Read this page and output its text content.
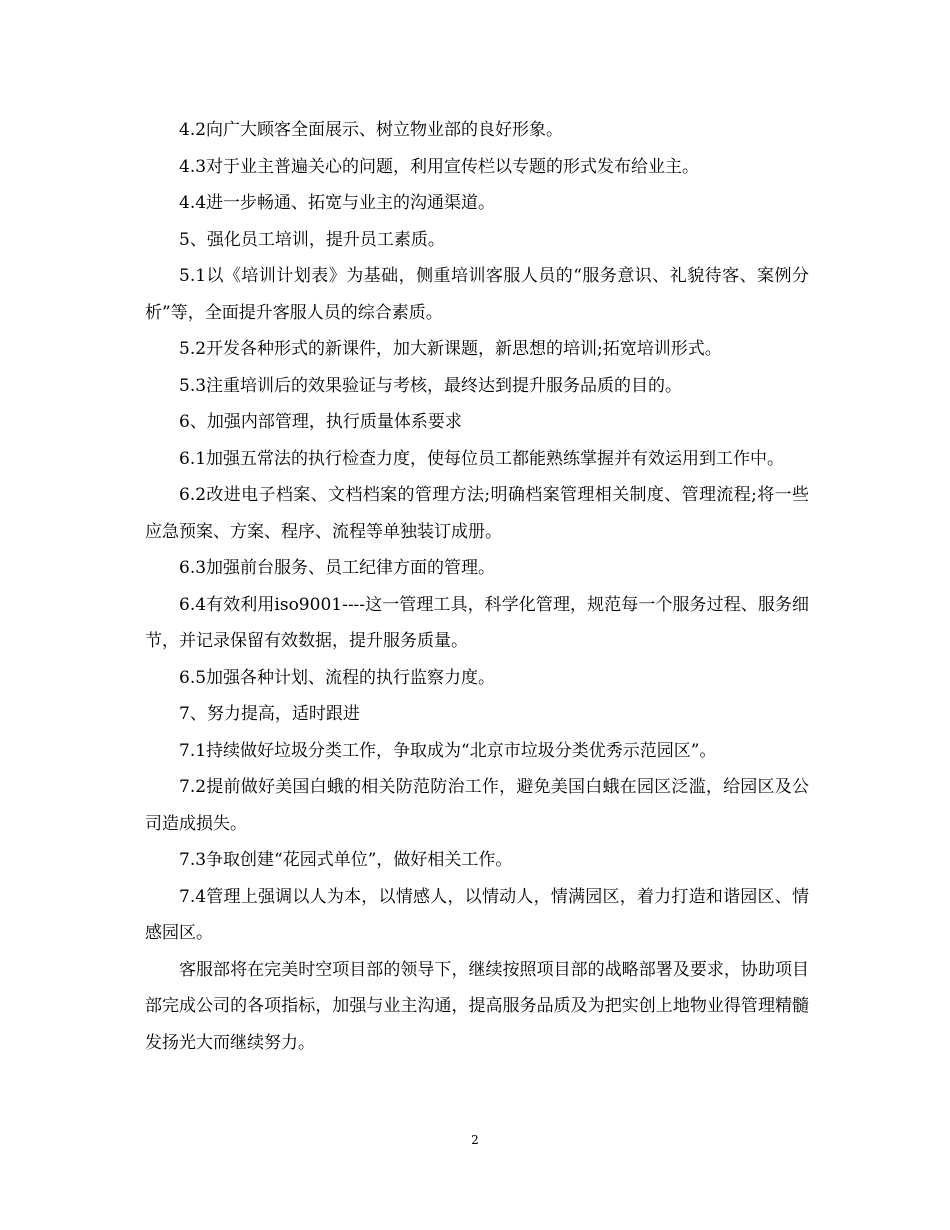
4.2向广大顾客全面展示、树立物业部的良好形象。

4.3对于业主普遍关心的问题，利用宣传栏以专题的形式发布给业主。

4.4进一步畅通、拓宽与业主的沟通渠道。

5、强化员工培训，提升员工素质。

5.1以《培训计划表》为基础，侧重培训客服人员的“服务意识、礼貌待客、案例分析”等，全面提升客服人员的综合素质。

5.2开发各种形式的新课件，加大新课题，新思想的培训;拓宽培训形式。

5.3注重培训后的效果验证与考核，最终达到提升服务品质的目的。

6、加强内部管理，执行质量体系要求

6.1加强五常法的执行检查力度，使每位员工都能熟练掌握并有效运用到工作中。

6.2改进电子档案、文档档案的管理方法;明确档案管理相关制度、管理流程;将一些应急预案、方案、程序、流程等单独装订成册。

6.3加强前台服务、员工纪律方面的管理。

6.4有效利用iso9001----这一管理工具，科学化管理，规范每一个服务过程、服务细节，并记录保留有效数据，提升服务质量。

6.5加强各种计划、流程的执行监察力度。

7、努力提高，适时跟进

7.1持续做好垃圾分类工作，争取成为“北京市垃圾分类优秀示范园区”。

7.2提前做好美国白蛾的相关防范防治工作，避免美国白蛾在园区泛滥，给园区及公司造成损失。

7.3争取创建“花园式单位”，做好相关工作。

7.4管理上强调以人为本，以情感人，以情动人，情满园区，着力打造和谐园区、情感园区。

客服部将在完美时空项目部的领导下，继续按照项目部的战略部署及要求，协助项目部完成公司的各项指标，加强与业主沟通，提高服务品质及为把实创上地物业得管理精髓发扬光大而继续努力。

2
